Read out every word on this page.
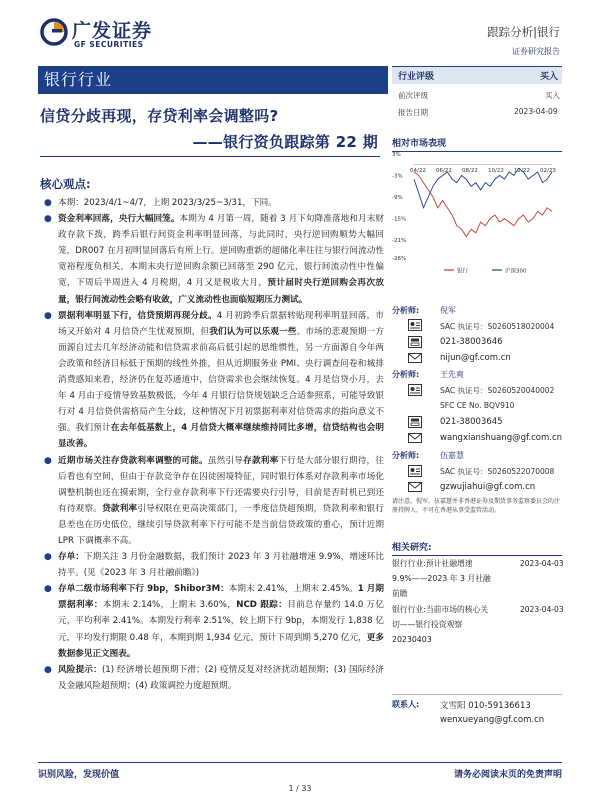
广发证券
GF SECURITIES
跟踪分析|银行
证券研究报告
银行行业
信贷分歧再现，存贷利率会调整吗?
——银行资负跟踪第 22 期
核心观点:

● 本期：2023/4/1~4/7，上期 2023/3/25~3/31，下同。

● 资金利率回落，央行大幅回笼。本期为 4 月第一周，随着 3 月下旬降准落地和月末财政存款下拨，跨季后银行间资金利率明显回落，与此同时，央行逆回购顺势大幅回笼，DR007 在月初明显回落后有所上行。逆回购重新的超储化率往往与银行间流动性宽裕程度负相关，本期末央行逆回购余额已回落至 290 亿元，银行间流动性中性偏宽，下周后半周进入 4 月税期，4 月又是税收大月，预计届时央行逆回购会再次放量，银行间流动性会略有收敛，广义流动性也面临短期压力测试。

● 票据利率明显下行，信贷预期再现分歧。4 月初跨季后票据转贴现利率明显回落，市场又开始对 4 月信贷产生忧观预期，但我们认为可以乐观一些。市场的悲观预期一方面源自过去几年经济动能和信贷需求前高后低引起的思维惯性，另一方面源自今年两会政策和经济目标低于预期的线性外推，但从近期服务业 PMI、央行调查问卷和城排消费感知来看，经济仍在复苏通道中，信贷需求也会继续恢复。4 月是信贷小月，去年 4 月由于疫情导致基数极低，今年 4 月银行信贷规划缺乏合适参照系，可能导致银行对 4 月信贷供需格局产生分歧，这种情况下月初票据利率对信贷需求的指向意义不强。我们预计在去年低基数上，4 月信贷大概率继续维持同比多增，信贷结构也会明显改善。

● 近期市场关注存贷款利率调整的可能。虽然引导存款利率下行是大部分银行期待，往后看也有空间，但由于存款竞争存在囚徒困境特征，同时银行体系对存款利率市场化调整机制也还在摸索期，全行业存款利率下行还需要央行引导，目前是否时机已到还有待观察。贷款利率引导权限在更高决策部门，一季度信贷超预期，贷款利率和银行息差也在历史低位，继续引导贷款利率下行可能不是当前信贷政策的重心，预计近期 LPR 下调概率不高。

● 存单：下期关注 3 月份金融数据，我们预计 2023 年 3 月社融增速 9.9%，增速环比持平。(见《2023 年 3 月社融前瞻》)

● 存单二级市场利率下行 9bp，Shibor3M：本期末 2.41%，上期末 2.45%。1 月期票据利率：本期末 2.14%，上期末 3.60%，NCD 跟踪：目前总存量约 14.0 万亿元，平均利率 2.41%。本期发行利率 2.51%，较上期下行 9bp，本期发行 1,838 亿元，平均发行期限 0.48 年，本期到期 1,934 亿元，预计下周到期 5,270 亿元，更多数据参见正文图表。

● 风险提示：(1) 经济增长超预期下滑；(2) 疫情反复对经济扰动超预期；(3) 国际经济及金融风险超预期；(4) 政策调控力度超预期。

行业评级	买入
前次评级	买入
报告日期	2023-04-09
相对市场表现
3%
-3%
-9%
-15%
-21%
-26%
04/22 06/22 08/22 10/22 12/22 02/23
银行	沪深300
分析师:	倪军
SAC 执证号：S0260518020004
021-38003646
nijun@gf.com.cn
分析师:	王先爽
SAC 执证号：S0260520040002
SFC CE No. BQV910
021-38003645
wangxianshuang@gf.com.cn
分析师:	伍嘉慧
SAC 执证号：S0260522070008
gzwujiahui@gf.com.cn
请注意，倪军，伍嘉慧并非香港证券及期货事务监察委员会的注册持牌人，不可在香港从事受监管活动。
相关研究:
银行行业:预计社融增速	2023-04-03
9.9%——2023 年 3 月社融
前瞻
银行行业:当前市场的核心关	2023-04-03
切——银行投资观察
20230403
联系人: 文雪阳 010-59136613
wenxueyang@gf.com.cn
识别风险，发现价值	请务必阅读末页的免责声明
1 / 33
